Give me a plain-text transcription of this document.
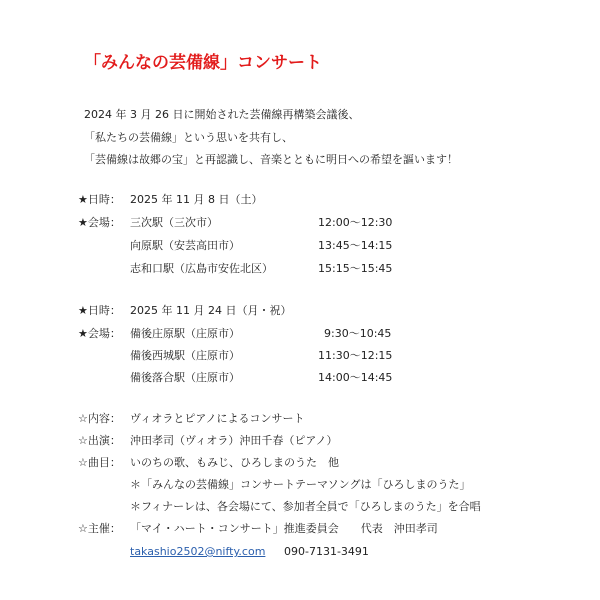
「みんなの芸備線」コンサート
2024 年 3 月 26 日に開始された芸備線再構築会議後、
「私たちの芸備線」という思いを共有し、
「芸備線は故郷の宝」と再認識し、音楽とともに明日への希望を謳います！
★日時： 2025 年 11 月 8 日（土）
★会場： 三次駅（三次市）	12:00～12:30
向原駅（安芸高田市）	13:45～14:15
志和口駅（広島市安佐北区）	15:15～15:45
★日時： 2025 年 11 月 24 日（月・祝）
★会場： 備後庄原駅（庄原市）	9:30～10:45
備後西城駅（庄原市）	11:30～12:15
備後落合駅（庄原市）	14:00～14:45
☆内容： ヴィオラとピアノによるコンサート
☆出演： 沖田孝司（ヴィオラ）沖田千春（ピアノ）
☆曲目： いのちの歌、もみじ、ひろしまのうた　他
＊「みんなの芸備線」コンサートテーマソングは「ひろしまのうた」
＊フィナーレは、各会場にて、参加者全員で「ひろしまのうた」を合唱
☆主催： 「マイ・ハート・コンサート」推進委員会　　代表　沖田孝司
takashio2502@nifty.com 090-7131-3491
